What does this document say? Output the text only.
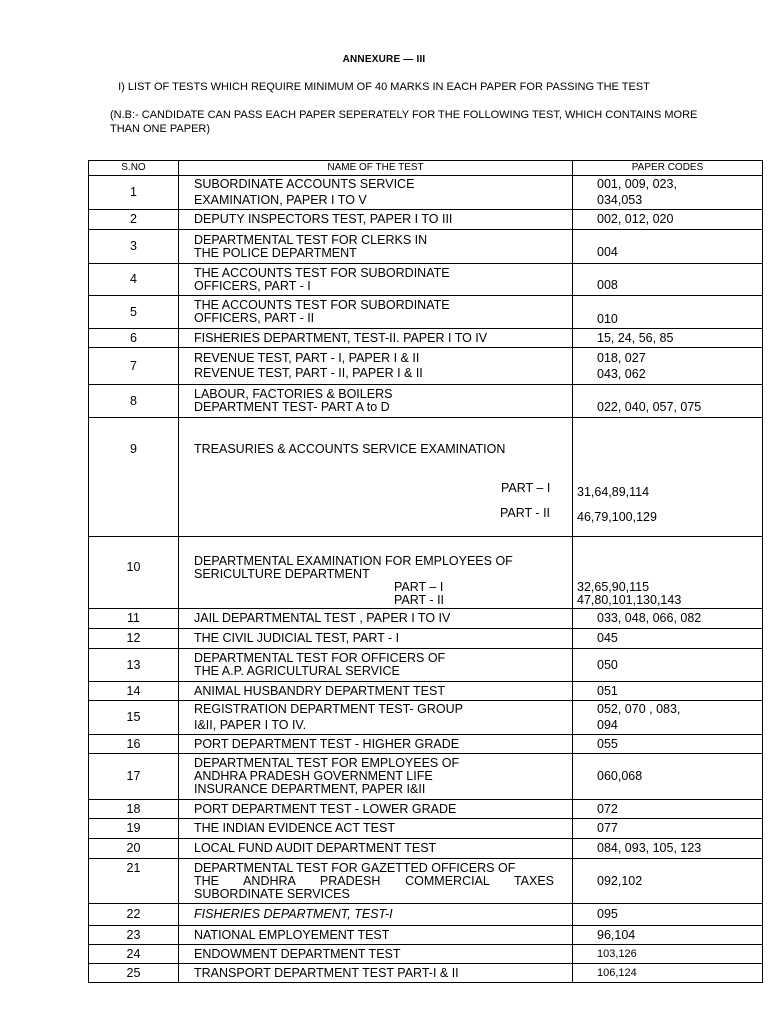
ANNEXURE — III
I) LIST OF TESTS WHICH REQUIRE MINIMUM OF 40 MARKS IN EACH PAPER FOR PASSING THE TEST
(N.B:- CANDIDATE CAN PASS EACH PAPER SEPERATELY FOR THE FOLLOWING TEST, WHICH CONTAINS MORE THAN ONE PAPER)
S.NO	NAME OF THE TEST	PAPER CODES
1	SUBORDINATE ACCOUNTS SERVICE
EXAMINATION, PAPER I TO V	001, 009, 023,
034,053

2	DEPUTY INSPECTORS TEST, PAPER I TO III	002, 012, 020
3	DEPARTMENTAL TEST FOR CLERKS IN
THE POLICE DEPARTMENT	004
4	THE ACCOUNTS TEST FOR SUBORDINATE
OFFICERS, PART - I	008
5	THE ACCOUNTS TEST FOR SUBORDINATE
OFFICERS, PART - II	010
6	FISHERIES DEPARTMENT, TEST-II. PAPER I TO IV	15, 24, 56, 85
7	REVENUE TEST, PART - I, PAPER I & II
REVENUE TEST, PART - II, PAPER I & II	018, 027
043, 062

8	LABOUR, FACTORIES & BOILERS
DEPARTMENT TEST- PART A to D	022, 040, 057, 075
9	TREASURIES & ACCOUNTS SERVICE EXAMINATION
PART – I
PART - II	31,64,89,114
46,79,100,129

10	DEPARTMENTAL EXAMINATION FOR EMPLOYEES OF
SERICULTURE DEPARTMENT
PART – I
PART - II	32,65,90,115
47,80,101,130,143

11	JAIL DEPARTMENTAL TEST , PAPER I TO IV	033, 048, 066, 082
12	THE CIVIL JUDICIAL TEST, PART - I	045
13	DEPARTMENTAL TEST FOR OFFICERS OF
THE A.P. AGRICULTURAL SERVICE	050
14	ANIMAL HUSBANDRY DEPARTMENT TEST	051
15	REGISTRATION DEPARTMENT TEST- GROUP
I&II, PAPER I TO IV.	052, 070 , 083,
094

16	PORT DEPARTMENT TEST - HIGHER GRADE	055
17	DEPARTMENTAL TEST FOR EMPLOYEES OF
ANDHRA PRADESH GOVERNMENT LIFE
INSURANCE DEPARTMENT, PAPER I&II	060,068
18	PORT DEPARTMENT TEST - LOWER GRADE	072
19	THE INDIAN EVIDENCE ACT TEST	077
20	LOCAL FUND AUDIT DEPARTMENT TEST	084, 093, 105, 123
21	DEPARTMENTAL TEST FOR GAZETTED OFFICERS OF
THE ANDHRA PRADESH COMMERCIAL TAXES
SUBORDINATE SERVICES	092,102
22	FISHERIES DEPARTMENT, TEST-I	095
23	NATIONAL EMPLOYEMENT TEST	96,104
24	ENDOWMENT DEPARTMENT TEST	103,126
25	TRANSPORT DEPARTMENT TEST PART-I & II	106,124
